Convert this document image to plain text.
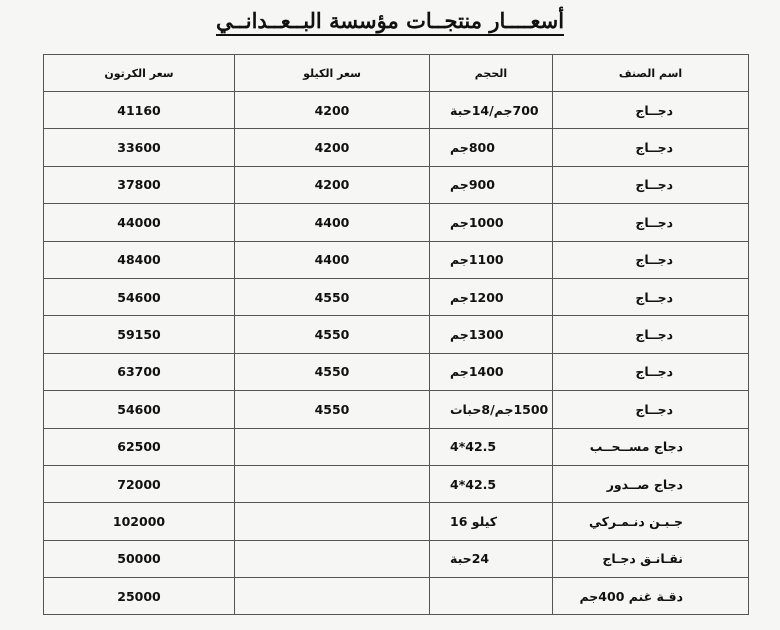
أسعــــار منتجــات مؤسسة البــعــدانــي
اسم الصنف	الحجم	سعر الكيلو	سعر الكرتون
دجــاج	700جم/14حبة	4200	41160
دجــاج	800جم	4200	33600
دجــاج	900جم	4200	37800
دجــاج	1000جم	4400	44000
دجــاج	1100جم	4400	48400
دجــاج	1200جم	4550	54600
دجــاج	1300جم	4550	59150
دجــاج	1400جم	4550	63700
دجــاج	1500جم/8حبات	4550	54600
دجاج مســحــب	42.5*4		62500
دجاج صــدور	42.5*4		72000
جـبـن دنـمـركي	كيلو 16		102000
نقـانـق دجـاج	24حبة		50000
دقـة غنم 400جم			25000
